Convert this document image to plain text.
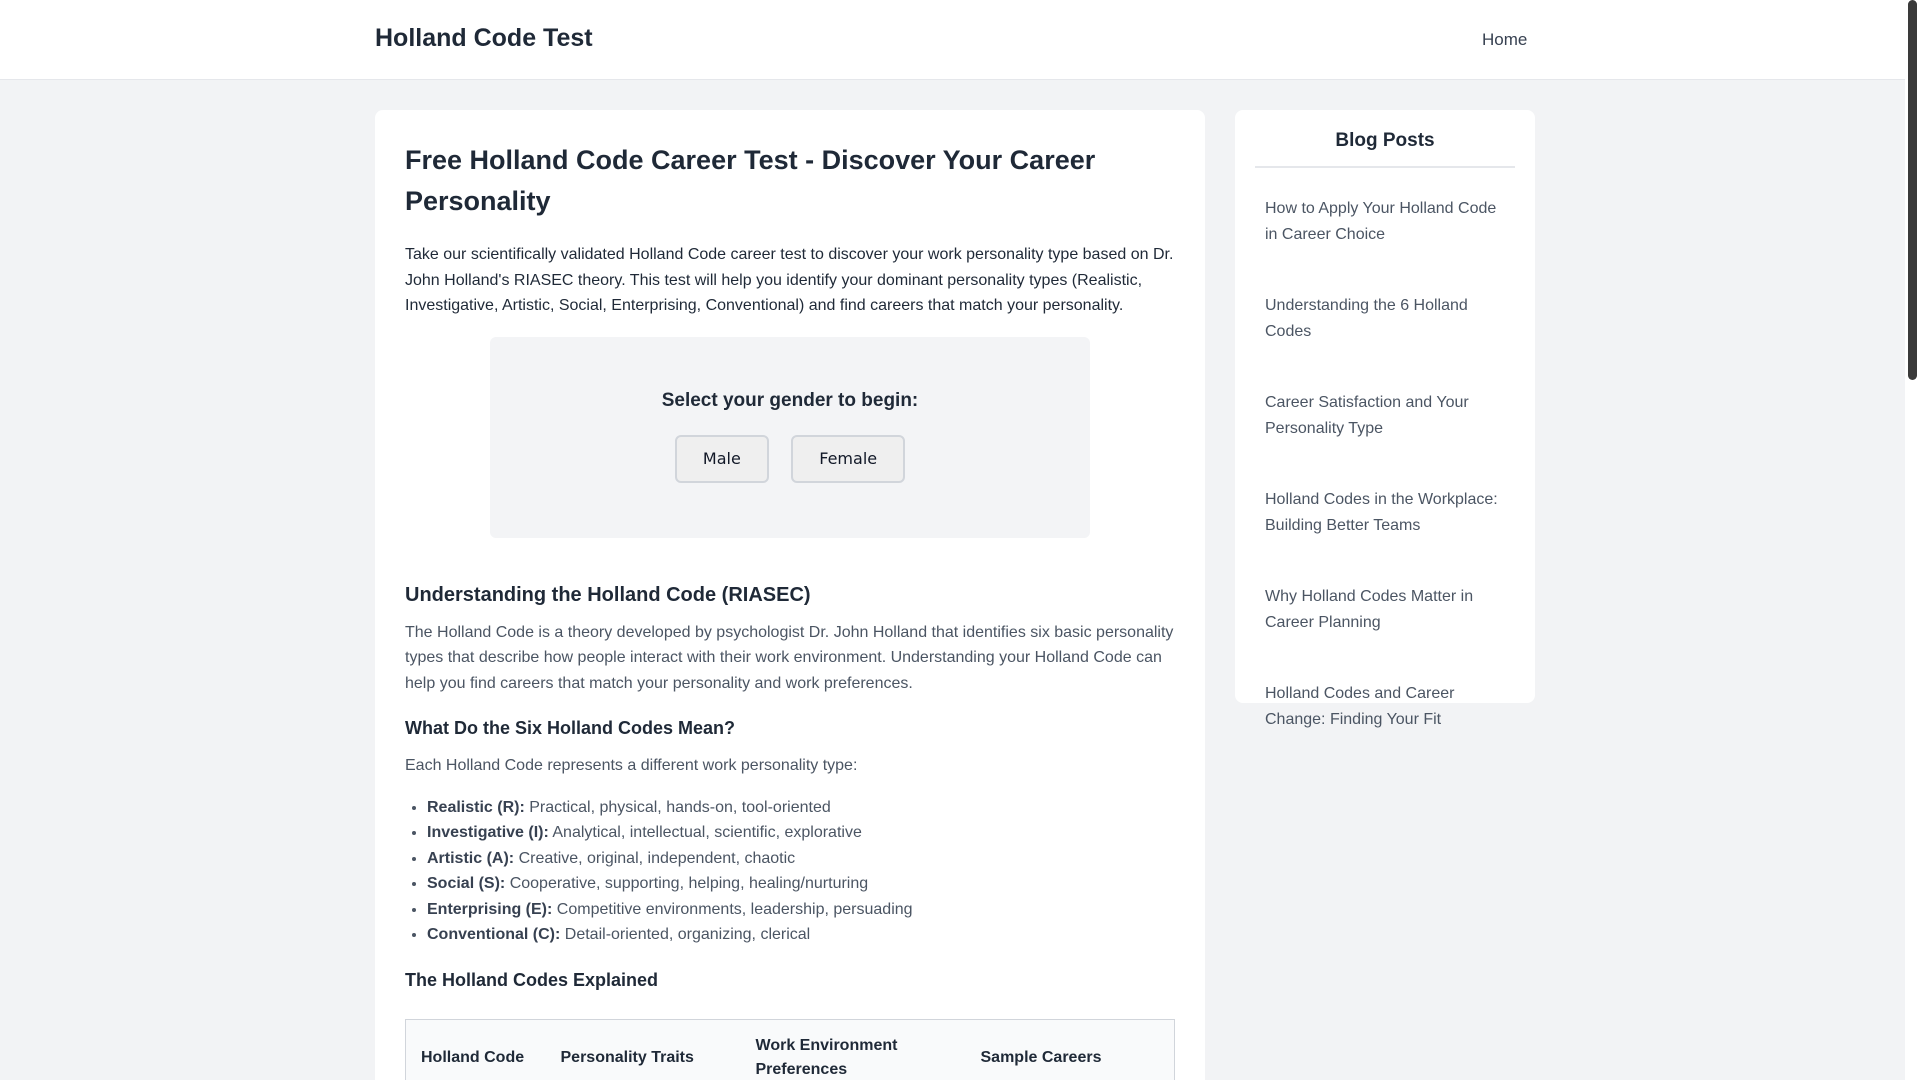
Holland Code Test	Home
Free Holland Code Career Test - Discover Your Career Personality

Take our scientifically validated Holland Code career test to discover your work personality type based on Dr. John Holland's RIASEC theory. This test will help you identify your dominant personality types (Realistic, Investigative, Artistic, Social, Enterprising, Conventional) and find careers that match your personality.

Select your gender to begin:
Male	Female
Understanding the Holland Code (RIASEC)

The Holland Code is a theory developed by psychologist Dr. John Holland that identifies six basic personality types that describe how people interact with their work environment. Understanding your Holland Code can help you find careers that match your personality and work preferences.

What Do the Six Holland Codes Mean?

Each Holland Code represents a different work personality type:

• Realistic (R): Practical, physical, hands-on, tool-oriented
• Investigative (I): Analytical, intellectual, scientific, explorative
• Artistic (A): Creative, original, independent, chaotic
• Social (S): Cooperative, supporting, helping, healing/nurturing
• Enterprising (E): Competitive environments, leadership, persuading
• Conventional (C): Detail-oriented, organizing, clerical
The Holland Codes Explained
Holland Code	Personality Traits	Work Environment Preferences	Sample Careers
Blog Posts
How to Apply Your Holland Code in Career Choice
Understanding the 6 Holland Codes
Career Satisfaction and Your Personality Type
Holland Codes in the Workplace: Building Better Teams
Why Holland Codes Matter in Career Planning
Holland Codes and Career Change: Finding Your Fit
